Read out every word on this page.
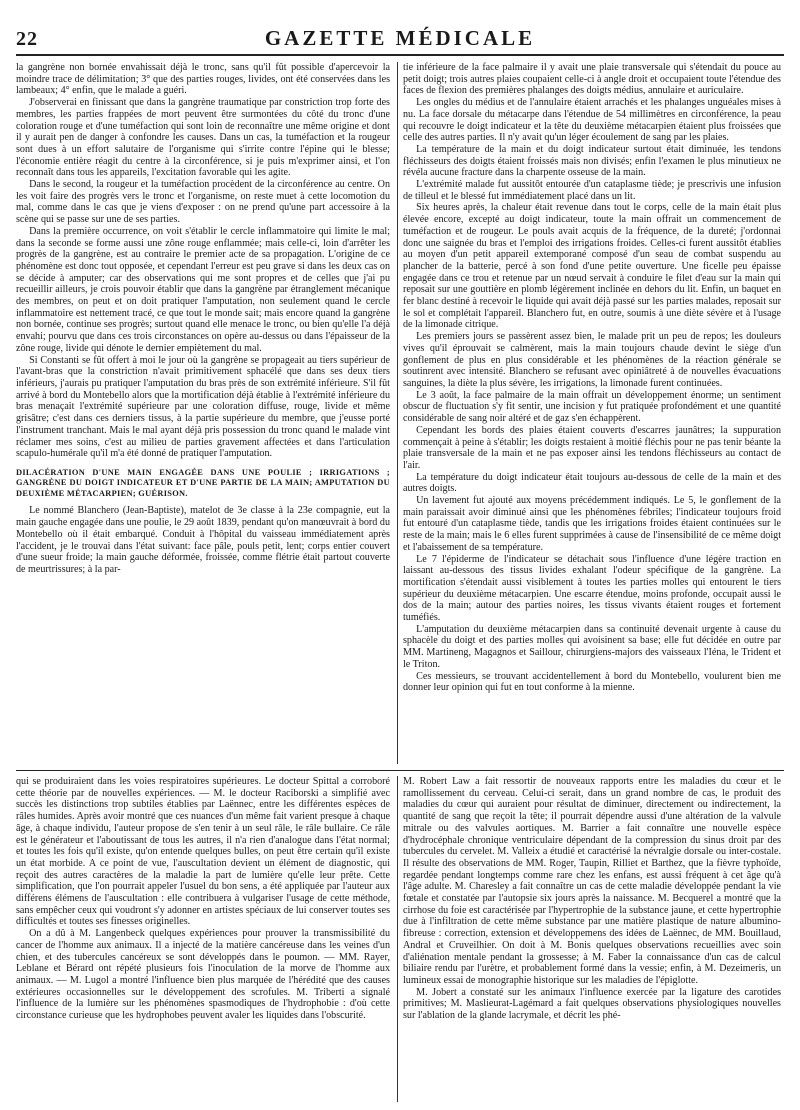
22	GAZETTE MÉDICALE

la gangrène non bornée envahissait déjà le tronc, sans qu'il fût possible d'apercevoir la moindre trace de délimitation; 3° que des parties rouges, livides, ont été conservées dans les lambeaux; 4° enfin, que le malade a guéri.

J'observerai en finissant que dans la gangrène traumatique par constriction trop forte des membres, les parties frappées de mort peuvent être surmontées du côté du tronc d'une coloration rouge et d'une tuméfaction qui sont loin de reconnaître une même origine et dont il y aurait pen de danger à confondre les causes. Dans un cas, la tuméfaction et la rougeur sont dues à un effort salutaire de l'organisme qui s'irrite contre l'épine qui le blesse; l'économie entière réagit du centre à la circonférence, si je puis m'exprimer ainsi, et l'on reconnaît dans tous les appareils, l'excitation favorable qui les agite.

Dans le second, la rougeur et la tuméfaction procèdent de la circonférence au centre. On les voit faire des progrès vers le tronc et l'organisme, on reste muet à cette locomotion du mal, comme dans le cas que je viens d'exposer : on ne prend qu'une part accessoire à la scène qui se passe sur une de ses parties.

Dans la première occurrence, on voit s'établir le cercle inflammatoire qui limite le mal; dans la seconde se forme aussi une zône rouge enflammée; mais celle-ci, loin d'arrêter les progrès de la gangrène, est au contraire le premier acte de sa propagation. L'origine de ce phénomène est donc tout opposée, et cependant l'erreur est peu grave si dans les deux cas on se décide à amputer; car des observations qui me sont propres et de celles que j'ai pu recueillir ailleurs, je crois pouvoir établir que dans la gangrène par étranglement mécanique des membres, on peut et on doit pratiquer l'amputation, non seulement quand le cercle inflammatoire est nettement tracé, ce que tout le monde sait; mais encore quand la gangrène non bornée, continue ses progrès; surtout quand elle menace le tronc, ou bien qu'elle l'a déjà envahi; pourvu que dans ces trois circonstances on opère au-dessus ou dans l'épaisseur de la zône rouge, livide qui dénote le dernier empiètement du mal.

Si Constanti se fût offert à moi le jour où la gangrène se propageait au tiers supérieur de l'avant-bras que la constriction n'avait primitivement sphacélé que dans ses deux tiers inférieurs, j'aurais pu pratiquer l'amputation du bras près de son extrémité inférieure. S'il fût arrivé à bord du Montebello alors que la mortification déjà établie à l'extrémité inférieure du bras menaçait l'extrémité supérieure par une coloration diffuse, rouge, livide et même grisâtre; c'est dans ces derniers tissus, à la partie supérieure du membre, que j'eusse porté l'instrument tranchant. Mais le mal ayant déjà pris possession du tronc quand le malade vint réclamer mes soins, c'est au milieu de parties gravement affectées et dans l'articulation scapulo-humérale qu'il m'a été donné de pratiquer l'amputation.

DILACÉRATION D'UNE MAIN ENGAGÉE DANS UNE POULIE ; IRRIGATIONS ; GANGRÈNE DU DOIGT INDICATEUR ET D'UNE PARTIE DE LA MAIN; AMPUTATION DU DEUXIÈME MÉTACARPIEN; GUÉRISON.

Le nommé Blanchero (Jean-Baptiste), matelot de 3e classe à la 23e compagnie, eut la main gauche engagée dans une poulie, le 29 août 1839, pendant qu'on manœuvrait à bord du Montebello où il était embarqué. Conduit à l'hôpital du vaisseau immédiatement après l'accident, je le trouvai dans l'état suivant: face pâle, pouls petit, lent; corps entier couvert d'une sueur froide; la main gauche déformée, froissée, comme flétrie était partout couverte de meurtrissures; à la par-

tie inférieure de la face palmaire il y avait une plaie transversale qui s'étendait du pouce au petit doigt; trois autres plaies coupaient celle-ci à angle droit et occupaient toute l'étendue des faces de flexion des premières phalanges des doigts médius, annulaire et auriculaire.

Les ongles du médius et de l'annulaire étaient arrachés et les phalanges unguéales mises à nu. La face dorsale du métacarpe dans l'étendue de 54 millimètres en circonférence, la peau qui recouvre le doigt indicateur et la tête du deuxième métacarpien étaient plus froissées que celle des autres parties. Il n'y avait qu'un léger écoulement de sang par les plaies.

La température de la main et du doigt indicateur surtout était diminuée, les tendons fléchisseurs des doigts étaient froissés mais non divisés; enfin l'examen le plus minutieux ne révéla aucune fracture dans la charpente osseuse de la main.

L'extrémité malade fut aussitôt entourée d'un cataplasme tiède; je prescrivis une infusion de tilleul et le blessé fut immédiatement placé dans un lit.

Six heures après, la chaleur était revenue dans tout le corps, celle de la main était plus élevée encore, excepté au doigt indicateur, toute la main offrait un commencement de tuméfaction et de rougeur. Le pouls avait acquis de la fréquence, de la dureté; j'ordonnai donc une saignée du bras et l'emploi des irrigations froides. Celles-ci furent aussitôt établies au moyen d'un petit appareil extemporané composé d'un seau de combat suspendu au plancher de la batterie, percé à son fond d'une petite ouverture. Une ficelle peu épaisse engagée dans ce trou et retenue par un nœud servait à conduire le filet d'eau sur la main qui reposait sur une gouttière en plomb légèrement inclinée en dehors du lit. Enfin, un baquet en fer blanc destiné à recevoir le liquide qui avait déjà passé sur les parties malades, reposait sur le sol et complétait l'appareil. Blanchero fut, en outre, soumis à une diète sévère et à l'usage de la limonade citrique.

Les premiers jours se passèrent assez bien, le malade prit un peu de repos; les douleurs vives qu'il éprouvait se calmèrent, mais la main toujours chaude devint le siège d'un gonflement de plus en plus considérable et les phénomènes de la réaction générale se soutinrent avec intensité. Blanchero se refusant avec opiniâtreté à de nouvelles évacuations sanguines, la diète la plus sévère, les irrigations, la limonade furent continuées.

Le 3 août, la face palmaire de la main offrait un développement énorme; un sentiment obscur de fluctuation s'y fit sentir, une incision y fut pratiquée profondément et une quantité considérable de sang noir altéré et de gaz s'en échappèrent.

Cependant les bords des plaies étaient couverts d'escarres jaunâtres; la suppuration commençait à peine à s'établir; les doigts restaient à moitié fléchis pour ne pas tenir béante la plaie transversale de la main et ne pas exposer ainsi les tendons fléchisseurs au contact de l'air.

La température du doigt indicateur était toujours au-dessous de celle de la main et des autres doigts.

Un lavement fut ajouté aux moyens précédemment indiqués. Le 5, le gonflement de la main paraissait avoir diminué ainsi que les phénomènes fébriles; l'indicateur toujours froid fut entouré d'un cataplasme tiède, tandis que les irrigations froides étaient continuées sur le reste de la main; mais le 6 elles furent supprimées à cause de l'insensibilité de ce même doigt et l'abaissement de sa température.

Le 7 l'épiderme de l'indicateur se détachait sous l'influence d'une légère traction en laissant au-dessous des tissus livides exhalant l'odeur spécifique de la gangrène. La mortification s'étendait aussi visiblement à toutes les parties molles qui entourent le tiers supérieur du deuxième métacarpien. Une escarre étendue, moins profonde, occupait aussi le dos de la main; autour des parties noires, les tissus vivants étaient rouges et fortement tuméfiés.

L'amputation du deuxième métacarpien dans sa continuité devenait urgente à cause du sphacèle du doigt et des parties molles qui avoisinent sa base; elle fut décidée en outre par MM. Martineng, Magagnos et Saillour, chirurgiens-majors des vaisseaux l'Iéna, le Trident et le Triton.

Ces messieurs, se trouvant accidentellement à bord du Montebello, voulurent bien me donner leur opinion qui fut en tout conforme à la mienne.

qui se produiraient dans les voies respiratoires supérieures. Le docteur Spittal a corroboré cette théorie par de nouvelles expériences. — M. le docteur Raciborski a simplifié avec succès les distinctions trop subtiles établies par Laënnec, entre les différentes espèces de râles humides. Après avoir montré que ces nuances d'un même fait varient presque à chaque âge, à chaque individu, l'auteur propose de s'en tenir à un seul râle, le râle bullaire. Ce râle est le générateur et l'aboutissant de tous les autres, il n'a rien d'analogue dans l'état normal; et toutes les fois qu'il existe, qu'on entende quelques bulles, on peut être certain qu'il existe un état morbide. A ce point de vue, l'auscultation devient un élément de diagnostic, qui reçoit des autres caractères de la maladie la part de lumière qu'elle leur prête. Cette simplification, que l'on pourrait appeler l'usuel du bon sens, a été appliquée par l'auteur aux différens élémens de l'auscultation : elle contribuera à vulgariser l'usage de cette méthode, sans empêcher ceux qui voudront s'y adonner en artistes spéciaux de lui conserver toutes ses difficultés et toutes ses finesses originelles.

On a dû à M. Langenbeck quelques expériences pour prouver la transmissibilité du cancer de l'homme aux animaux. Il a injecté de la matière cancéreuse dans les veines d'un chien, et des tubercules cancéreux se sont développés dans le poumon. — MM. Rayer, Leblane et Bérard ont répété plusieurs fois l'inoculation de la morve de l'homme aux animaux. — M. Lugol a montré l'influence bien plus marquée de l'hérédité que des causes extérieures occasionnelles sur le développement des scrofules. M. Triberti a signalé l'influence de la lumière sur les phénomènes spasmodiques de l'hydrophobie : d'où cette circonstance curieuse que les hydrophobes peuvent avaler les liquides dans l'obscurité.

M. Robert Law a fait ressortir de nouveaux rapports entre les maladies du cœur et le ramollissement du cerveau. Celui-ci serait, dans un grand nombre de cas, le produit des maladies du cœur qui auraient pour résultat de diminuer, directement ou indirectement, la quantité de sang que reçoit la tête; il pourrait dépendre aussi d'une altération de la valvule mitrale ou des valvules aortiques. M. Barrier a fait connaître une nouvelle espèce d'hydrocéphale chronique ventriculaire dépendant de la compression du sinus droit par des tubercules du cervelet. M. Valleix a étudié et caractérisé la névralgie dorsale ou inter-costale. Il résulte des observations de MM. Roger, Taupin, Rilliet et Barthez, que la fièvre typhoïde, regardée pendant longtemps comme rare chez les enfans, est aussi fréquent à cet âge qu'à l'âge adulte. M. Charesley a fait connaître un cas de cette maladie développée pendant la vie fœtale et constatée par l'autopsie six jours après la naissance. M. Becquerel a montré que la cirrhose du foie est caractérisée par l'hypertrophie de la substance jaune, et cette hypertrophie due à l'infiltration de cette même substance par une matière plastique de nature albumino-fibreuse : correction, extension et développemens des idées de Laënnec, de MM. Bouillaud, Andral et Cruveilhier. On doit à M. Bonis quelques observations recueillies avec soin d'aliénation mentale pendant la grossesse; à M. Faber la connaissance d'un cas de calcul biliaire rendu par l'urètre, et probablement formé dans la vessie; enfin, à M. Dezeimeris, un lumineux essai de monographie historique sur les maladies de l'épiglotte.

M. Jobert a constaté sur les animaux l'influence exercée par la ligature des carotides primitives; M. Maslieurat-Lagémard a fait quelques observations physiologiques nouvelles sur l'ablation de la glande lacrymale, et décrit les phé-
